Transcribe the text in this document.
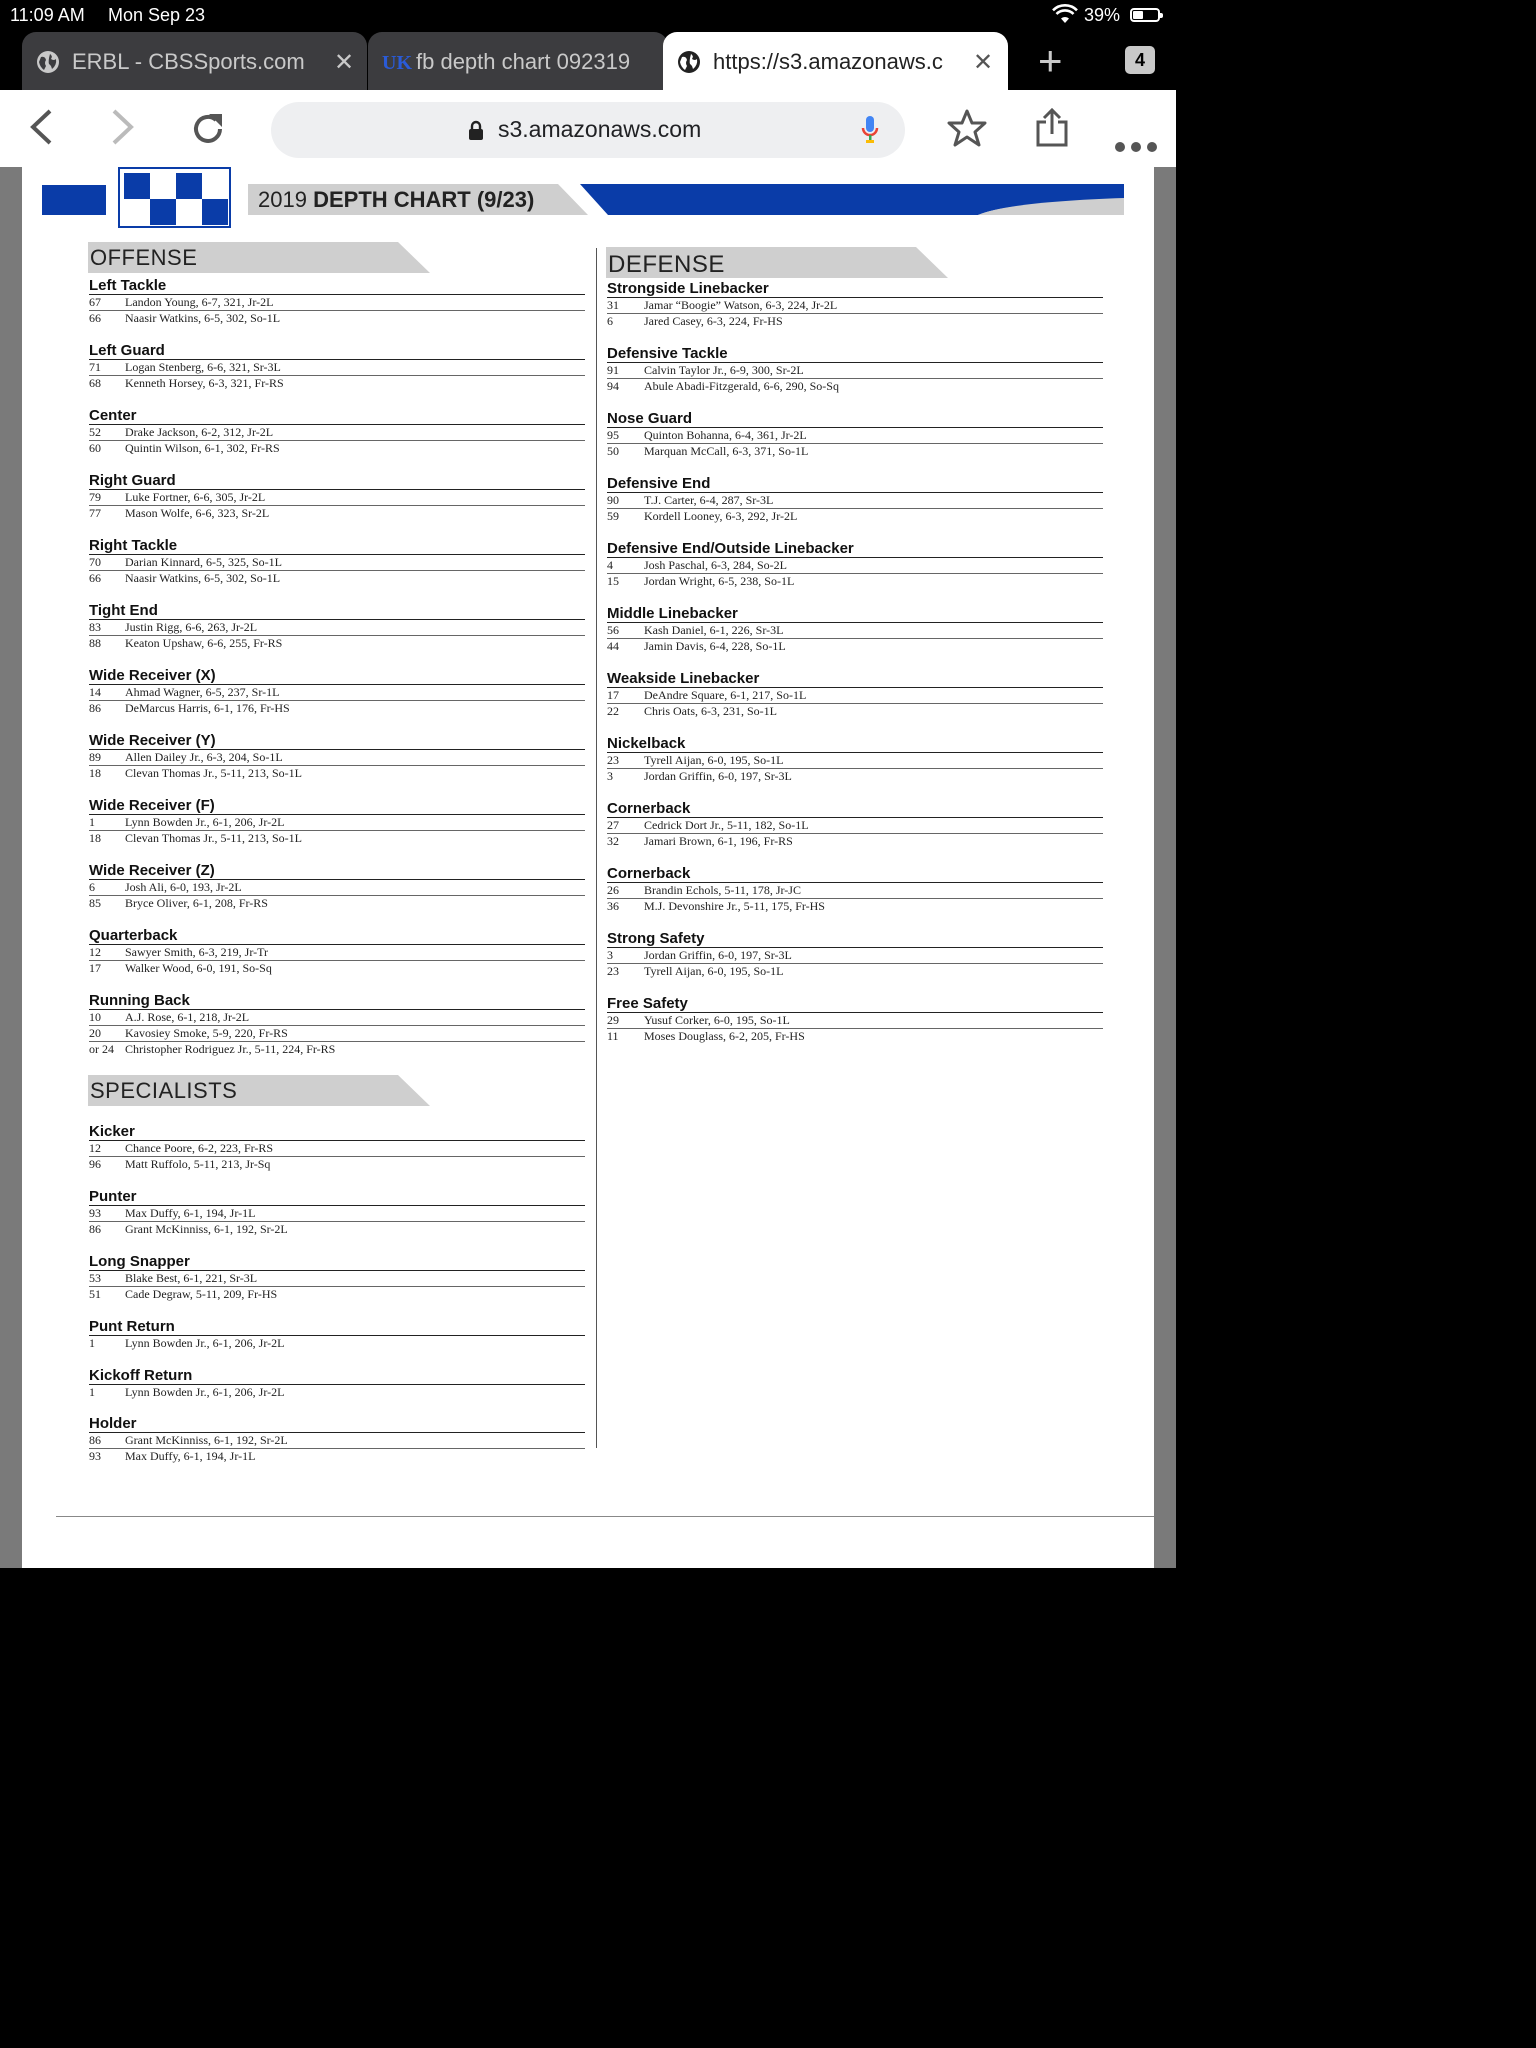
11:09 AM Mon Sep 23	39%
ERBL - CBSSports.com ✕ UK fb depth chart 092319	https://s3.amazonaws.c	✕ +	4
s3.amazonaws.com
2019 DEPTH CHART (9/23)
OFFENSE	DEFENSE
SPECIALISTS
Left Tackle
67 Landon Young, 6-7, 321, Jr-2L
66 Naasir Watkins, 6-5, 302, So-1L
Left Guard
71 Logan Stenberg, 6-6, 321, Sr-3L
68 Kenneth Horsey, 6-3, 321, Fr-RS
Center
52 Drake Jackson, 6-2, 312, Jr-2L
60 Quintin Wilson, 6-1, 302, Fr-RS
Right Guard
79 Luke Fortner, 6-6, 305, Jr-2L
77 Mason Wolfe, 6-6, 323, Sr-2L
Right Tackle
70 Darian Kinnard, 6-5, 325, So-1L
66 Naasir Watkins, 6-5, 302, So-1L
Tight End
83 Justin Rigg, 6-6, 263, Jr-2L
88 Keaton Upshaw, 6-6, 255, Fr-RS
Wide Receiver (X)
14 Ahmad Wagner, 6-5, 237, Sr-1L
86 DeMarcus Harris, 6-1, 176, Fr-HS
Wide Receiver (Y)
89 Allen Dailey Jr., 6-3, 204, So-1L
18 Clevan Thomas Jr., 5-11, 213, So-1L
Wide Receiver (F)
1	Lynn Bowden Jr., 6-1, 206, Jr-2L
18 Clevan Thomas Jr., 5-11, 213, So-1L
Wide Receiver (Z)
6	Josh Ali, 6-0, 193, Jr-2L
85 Bryce Oliver, 6-1, 208, Fr-RS
Quarterback
12 Sawyer Smith, 6-3, 219, Jr-Tr
17 Walker Wood, 6-0, 191, So-Sq
Running Back
10 A.J. Rose, 6-1, 218, Jr-2L
20 Kavosiey Smoke, 5-9, 220, Fr-RS
or 24 Christopher Rodriguez Jr., 5-11, 224, Fr-RS
Kicker
12 Chance Poore, 6-2, 223, Fr-RS
96 Matt Ruffolo, 5-11, 213, Jr-Sq
Punter
93 Max Duffy, 6-1, 194, Jr-1L
86 Grant McKinniss, 6-1, 192, Sr-2L
Long Snapper
53 Blake Best, 6-1, 221, Sr-3L
51 Cade Degraw, 5-11, 209, Fr-HS
Punt Return
1	Lynn Bowden Jr., 6-1, 206, Jr-2L
Kickoff Return
1	Lynn Bowden Jr., 6-1, 206, Jr-2L
Holder
86 Grant McKinniss, 6-1, 192, Sr-2L
93 Max Duffy, 6-1, 194, Jr-1L
Strongside Linebacker
31 Jamar “Boogie” Watson, 6-3, 224, Jr-2L
6	Jared Casey, 6-3, 224, Fr-HS
Defensive Tackle
91 Calvin Taylor Jr., 6-9, 300, Sr-2L
94 Abule Abadi-Fitzgerald, 6-6, 290, So-Sq
Nose Guard
95 Quinton Bohanna, 6-4, 361, Jr-2L
50 Marquan McCall, 6-3, 371, So-1L
Defensive End
90 T.J. Carter, 6-4, 287, Sr-3L
59 Kordell Looney, 6-3, 292, Jr-2L
Defensive End/Outside Linebacker
4	Josh Paschal, 6-3, 284, So-2L
15 Jordan Wright, 6-5, 238, So-1L
Middle Linebacker
56 Kash Daniel, 6-1, 226, Sr-3L
44 Jamin Davis, 6-4, 228, So-1L
Weakside Linebacker
17 DeAndre Square, 6-1, 217, So-1L
22 Chris Oats, 6-3, 231, So-1L
Nickelback
23 Tyrell Aijan, 6-0, 195, So-1L
3	Jordan Griffin, 6-0, 197, Sr-3L
Cornerback
27 Cedrick Dort Jr., 5-11, 182, So-1L
32 Jamari Brown, 6-1, 196, Fr-RS
Cornerback
26 Brandin Echols, 5-11, 178, Jr-JC
36 M.J. Devonshire Jr., 5-11, 175, Fr-HS
Strong Safety
3	Jordan Griffin, 6-0, 197, Sr-3L
23 Tyrell Aijan, 6-0, 195, So-1L
Free Safety
29 Yusuf Corker, 6-0, 195, So-1L
11 Moses Douglass, 6-2, 205, Fr-HS
